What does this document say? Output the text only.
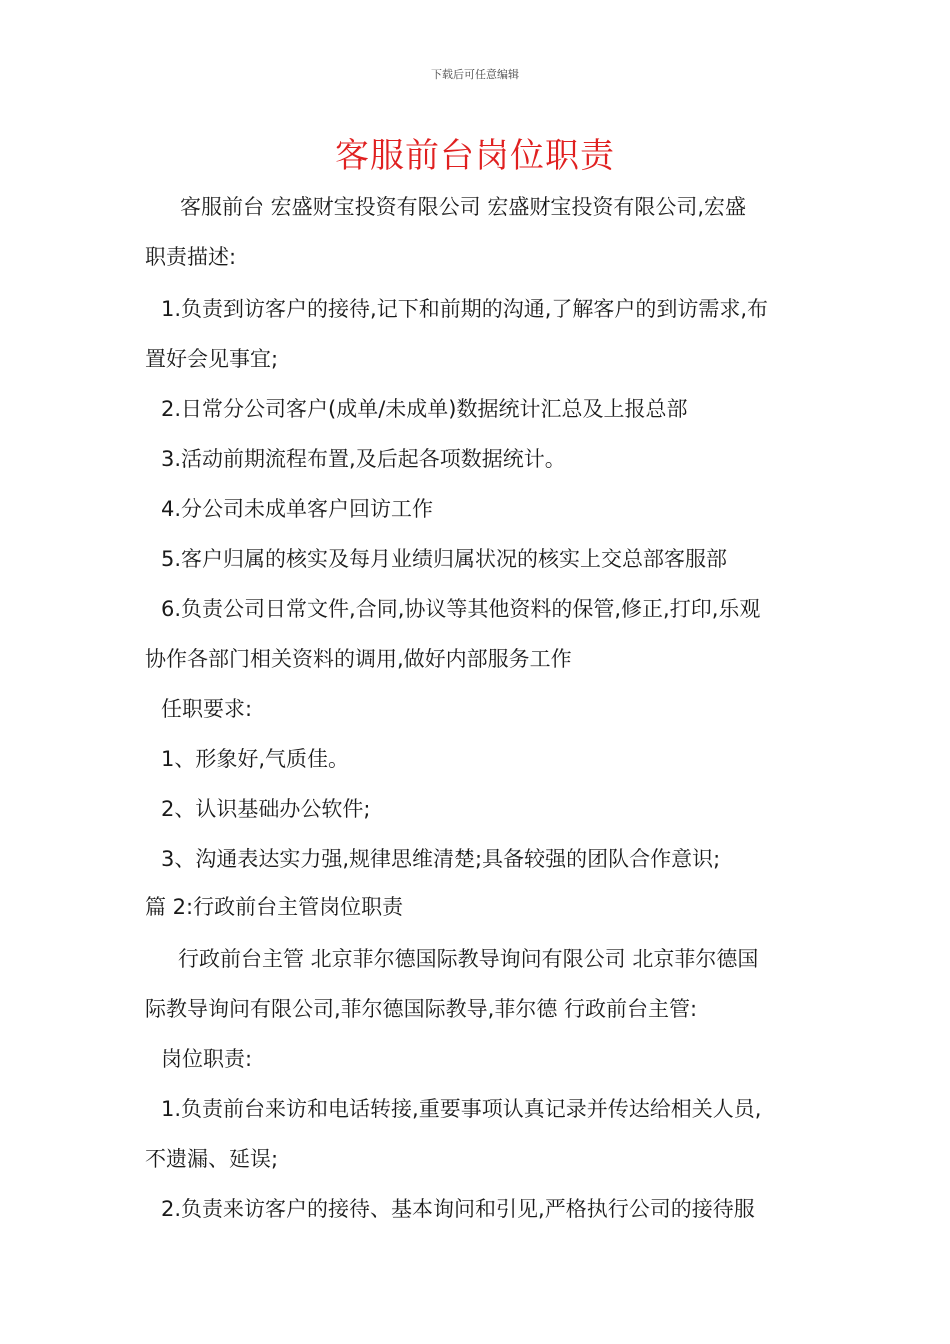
下载后可任意编辑
客服前台岗位职责
客服前台 宏盛财宝投资有限公司 宏盛财宝投资有限公司,宏盛
职责描述:
1.负责到访客户的接待,记下和前期的沟通,了解客户的到访需求,布
置好会见事宜;
2.日常分公司客户(成单/未成单)数据统计汇总及上报总部
3.活动前期流程布置,及后起各项数据统计。
4.分公司未成单客户回访工作
5.客户归属的核实及每月业绩归属状况的核实上交总部客服部
6.负责公司日常文件,合同,协议等其他资料的保管,修正,打印,乐观
协作各部门相关资料的调用,做好内部服务工作
任职要求:
1、形象好,气质佳。
2、认识基础办公软件;
3、沟通表达实力强,规律思维清楚;具备较强的团队合作意识;
篇 2:行政前台主管岗位职责
行政前台主管 北京菲尔德国际教导询问有限公司 北京菲尔德国
际教导询问有限公司,菲尔德国际教导,菲尔德 行政前台主管:
岗位职责:
1.负责前台来访和电话转接,重要事项认真记录并传达给相关人员,
不遗漏、延误;
2.负责来访客户的接待、基本询问和引见,严格执行公司的接待服
